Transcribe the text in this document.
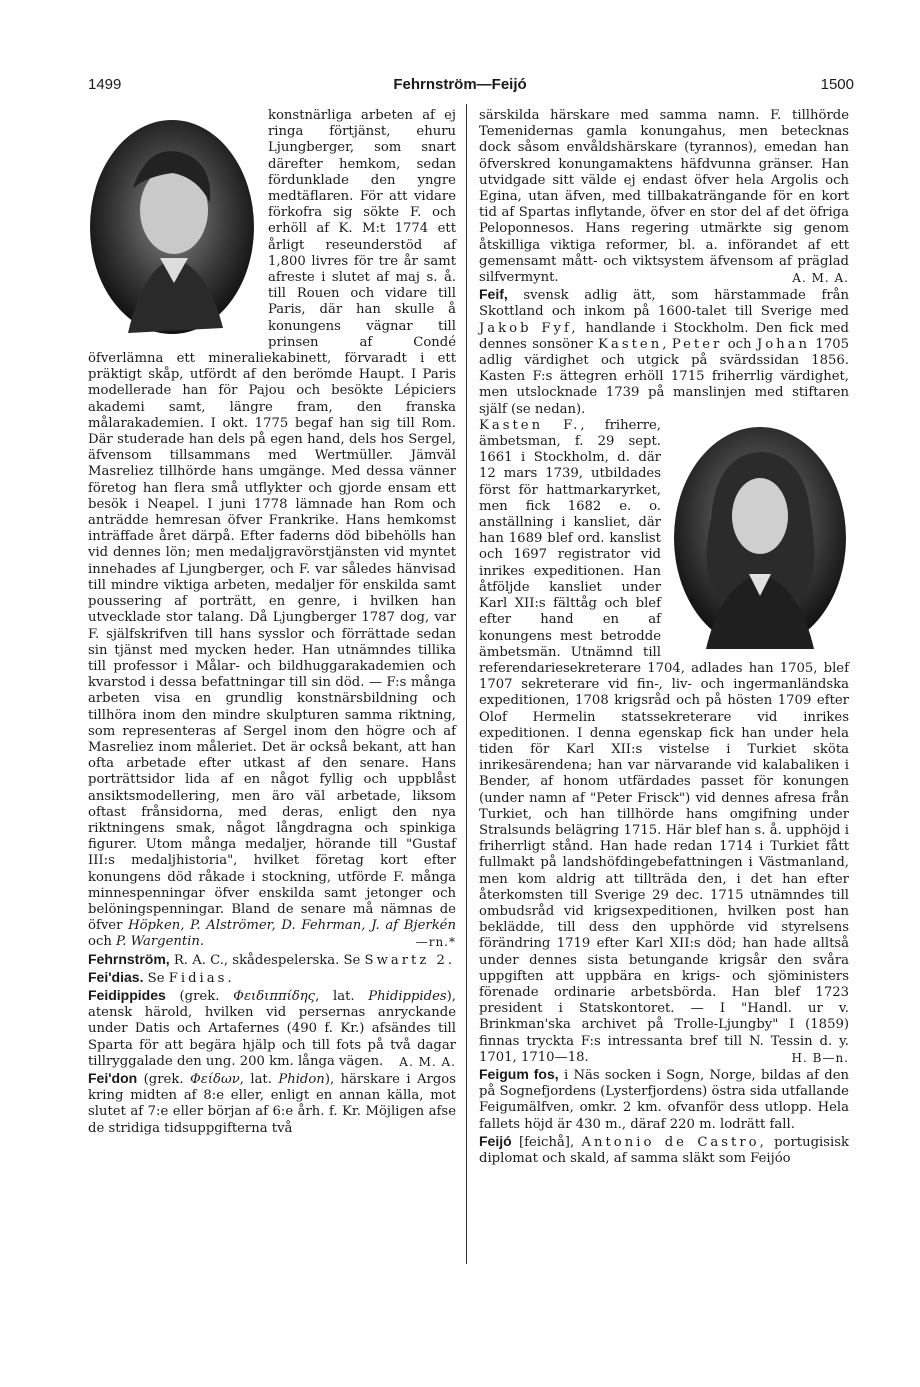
1499	Fehrnström—Feijó	1500

konstnärliga arbeten af ej ringa förtjänst, ehuru Ljungberger, som snart därefter hemkom, sedan fördunklade den yngre medtäflaren. För att vidare förkofra sig sökte F. och erhöll af K. M:t 1774 ett årligt reseunderstöd af 1,800 livres för tre år samt afreste i slutet af maj s. å. till Rouen och vidare till Paris, där han skulle å konungens vägnar till prinsen af Condé öfverlämna ett mineraliekabinett, förvaradt i ett präktigt skåp, utfördt af den berömde Haupt. I Paris modellerade han för Pajou och besökte Lépiciers akademi samt, längre fram, den franska målarakademien. I okt. 1775 begaf han sig till Rom. Där studerade han dels på egen hand, dels hos Sergel, äfvensom tillsammans med Wertmüller. Jämväl Masreliez tillhörde hans umgänge. Med dessa vänner företog han flera små utflykter och gjorde ensam ett besök i Neapel. I juni 1778 lämnade han Rom och anträdde hemresan öfver Frankrike. Hans hemkomst inträffade året därpå. Efter faderns död bibehölls han vid dennes lön; men medaljgravörstjänsten vid myntet innehades af Ljungberger, och F. var således hänvisad till mindre viktiga arbeten, medaljer för enskilda samt poussering af porträtt, en genre, i hvilken han utvecklade stor talang. Då Ljungberger 1787 dog, var F. själfskrifven till hans sysslor och förrättade sedan sin tjänst med mycken heder. Han utnämndes tillika till professor i Målar- och bildhuggarakademien och kvarstod i dessa befattningar till sin död. — F:s många arbeten visa en grundlig konstnärsbildning och tillhöra inom den mindre skulpturen samma riktning, som representeras af Sergel inom den högre och af Masreliez inom måleriet. Det är också bekant, att han ofta arbetade efter utkast af den senare. Hans porträttsidor lida af en något fyllig och uppblåst ansiktsmodellering, men äro väl arbetade, liksom oftast frånsidorna, med deras, enligt den nya riktningens smak, något långdragna och spinkiga figurer. Utom många medaljer, hörande till "Gustaf III:s medaljhistoria", hvilket företag kort efter konungens död råkade i stockning, utförde F. många minnespenningar öfver enskilda samt jetonger och belöningspenningar. Bland de senare må nämnas de öfver Höpken, P. Alströmer, D. Fehrman, J. af Bjerkén och P. Wargentin.	—rn.*

Fehrnström, R. A. C., skådespelerska. Se Swartz 2.

Fei'dias. Se Fidias.

Feidippides (grek. Φειδιππίδης, lat. Phidippides), atensk härold, hvilken vid persernas anryckande under Datis och Artafernes (490 f. Kr.) afsändes till Sparta för att begära hjälp och till fots på två dagar tillryggalade den ung. 200 km. långa vägen. A. M. A.

Fei'don (grek. Φείδων, lat. Phidon), härskare i Argos kring midten af 8:e eller, enligt en annan källa, mot slutet af 7:e eller början af 6:e årh. f. Kr. Möjligen afse de stridiga tidsuppgifterna två

särskilda härskare med samma namn. F. tillhörde Temenidernas gamla konungahus, men betecknas dock såsom envåldshärskare (tyrannos), emedan han öfverskred konungamaktens häfdvunna gränser. Han utvidgade sitt välde ej endast öfver hela Argolis och Egina, utan äfven, med tillbakaträngande för en kort tid af Spartas inflytande, öfver en stor del af det öfriga Peloponnesos. Hans regering utmärkte sig genom åtskilliga viktiga reformer, bl. a. införandet af ett gemensamt mått- och viktsystem äfvensom af präglad silfvermynt.	A. M. A.

Feif, svensk adlig ätt, som härstammade från Skottland och inkom på 1600-talet till Sverige med Jakob Fyf, handlande i Stockholm. Den fick med dennes sonsöner Kasten, Peter och Johan 1705 adlig värdighet och utgick på svärdssidan 1856. Kasten F:s ättegren erhöll 1715 friherrlig värdighet, men utslocknade 1739 på manslinjen med stiftaren själf (se nedan).

Kasten F., friherre, ämbetsman, f. 29 sept. 1661 i Stockholm, d. där 12 mars 1739, utbildades först för hattmarkaryrket, men fick 1682 e. o. anställning i kansliet, där han 1689 blef ord. kanslist och 1697 registrator vid inrikes expeditionen. Han åtföljde kansliet under Karl XII:s fälttåg och blef efter hand en af konungens mest betrodde ämbetsmän. Utnämnd till referendariesekreterare 1704, adlades han 1705, blef 1707 sekreterare vid fin-, liv- och ingermanländska expeditionen, 1708 krigsråd och på hösten 1709 efter Olof Hermelin statssekreterare vid inrikes expeditionen. I denna egenskap fick han under hela tiden för Karl XII:s vistelse i Turkiet sköta inrikesärendena; han var närvarande vid kalabaliken i Bender, af honom utfärdades passet för konungen (under namn af "Peter Frisck") vid dennes afresa från Turkiet, och han tillhörde hans omgifning under Stralsunds belägring 1715. Här blef han s. å. upphöjd i friherrligt stånd. Han hade redan 1714 i Turkiet fått fullmakt på landshöfdingebefattningen i Västmanland, men kom aldrig att tillträda den, i det han efter återkomsten till Sverige 29 dec. 1715 utnämndes till ombudsråd vid krigsexpeditionen, hvilken post han beklädde, till dess den upphörde vid styrelsens förändring 1719 efter Karl XII:s död; han hade alltså under dennes sista betungande krigsår den svåra uppgiften att uppbära en krigs- och sjöministers förenade ordinarie arbetsbörda. Han blef 1723 president i Statskontoret. — I "Handl. ur v. Brinkman'ska archivet på Trolle-Ljungby" I (1859) finnas tryckta F:s intressanta bref till N. Tessin d. y. 1701, 1710—18.	H. B—n.

Feigum fos, i Näs socken i Sogn, Norge, bildas af den på Sognefjordens (Lysterfjordens) östra sida utfallande Feigumälfven, omkr. 2 km. ofvanför dess utlopp. Hela fallets höjd är 430 m., däraf 220 m. lodrätt fall.

Feijó [feichå], Antonio de Castro, portugisisk diplomat och skald, af samma släkt som Feijóo
